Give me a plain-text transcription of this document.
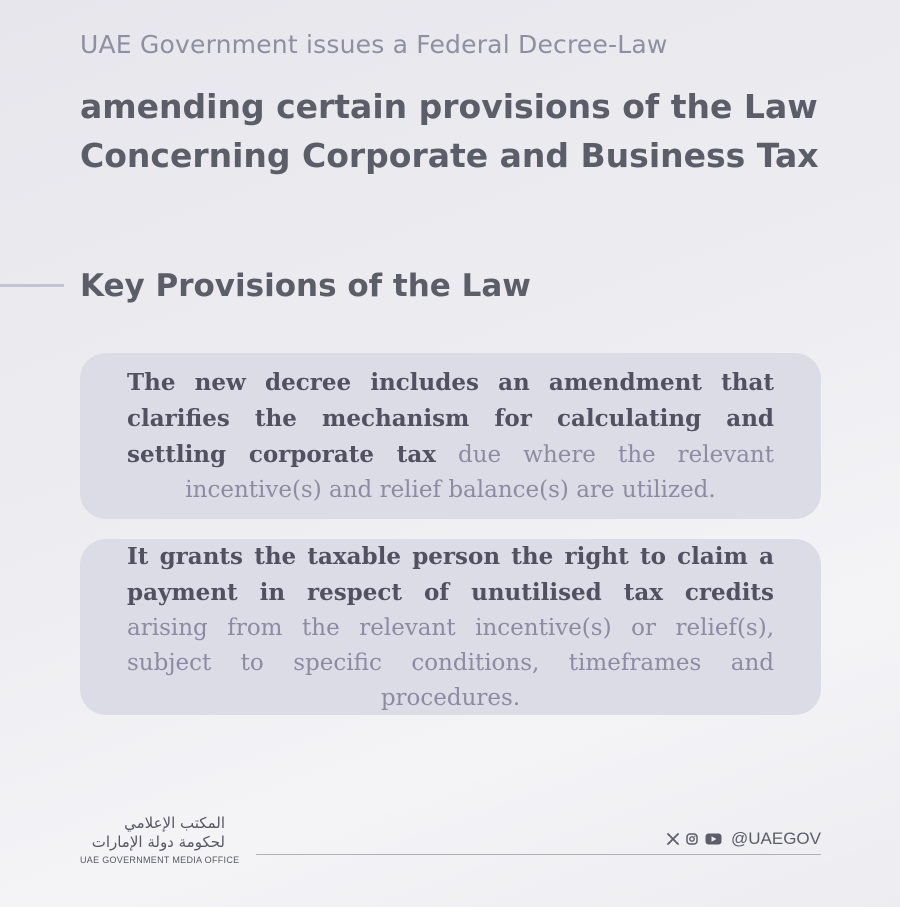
UAE Government issues a Federal Decree-Law
amending certain provisions of the Law
Concerning Corporate and Business Tax
Key Provisions of the Law

The new decree includes an amendment that clarifies the mechanism for calculating and settling corporate tax due where the relevant incentive(s) and relief balance(s) are utilized.

It grants the taxable person the right to claim a payment in respect of unutilised tax credits arising from the relevant incentive(s) or relief(s), subject to specific conditions, timeframes and procedures.

المكتب الإعلامي
لحكومة دولة الإمارات
UAE GOVERNMENT MEDIA OFFICE
@UAEGOV
